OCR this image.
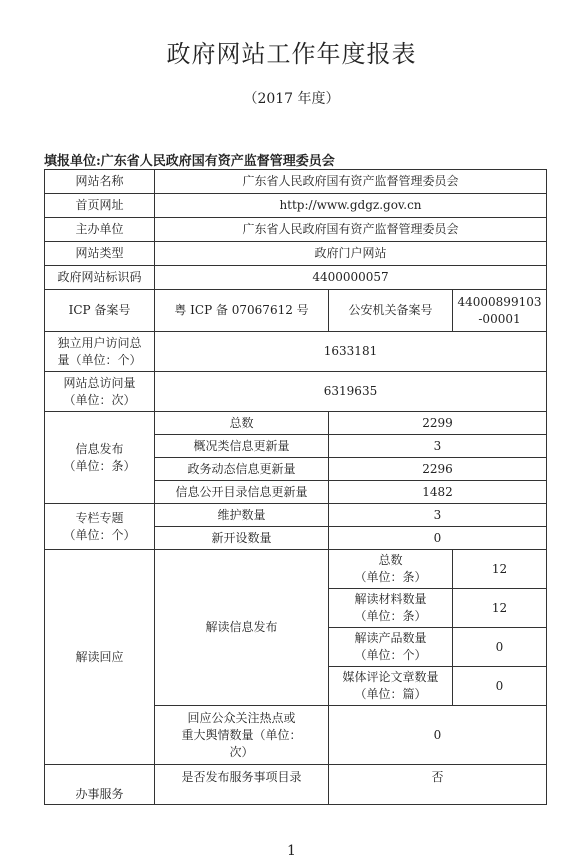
政府网站工作年度报表
（2017 年度）
填报单位:广东省人民政府国有资产监督管理委员会
网站名称	广东省人民政府国有资产监督管理委员会		
首页网址	http://www.gdgz.gov.cn		
主办单位	广东省人民政府国有资产监督管理委员会		
网站类型	政府门户网站		
政府网站标识码	4400000057		
ICP 备案号	粤 ICP 备 07067612 号	公安机关备案号	44000899103
-00001

独立用户访问总
量（单位：个）	1633181		

网站总访问量
（单位：次）	6319635		

信息发布
（单位：条）	总数	2299	
	概况类信息更新量	3	
	政务动态信息更新量	2296	
	信息公开目录信息更新量	1482	

专栏专题
（单位：个）	维护数量	3	
	新开设数量	0	
解读回应	解读信息发布	总数
（单位：条）	12

		解读材料数量
（单位：条）	12

		解读产品数量
（单位：个）	0

		媒体评论文章数量
（单位：篇）	0

	回应公众关注热点或
重大舆情数量（单位：
次）	0	
办事服务	是否发布服务事项目录	否	
1
